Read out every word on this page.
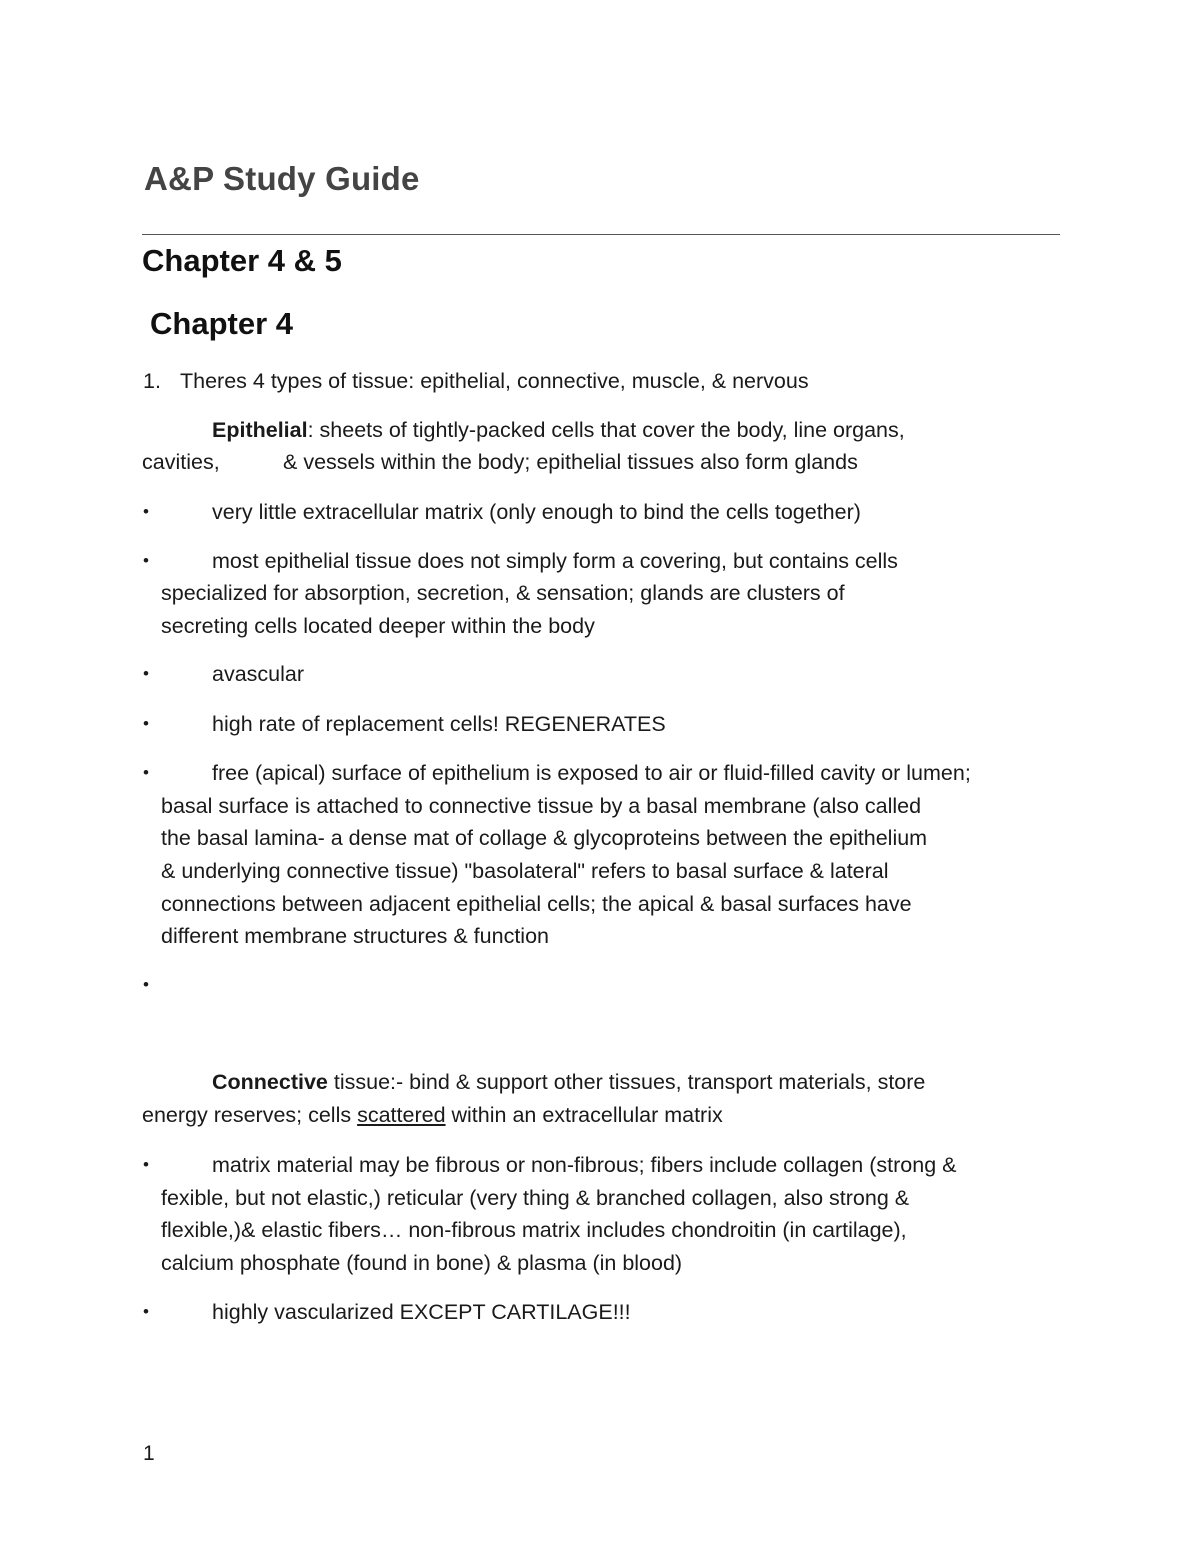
A&P Study Guide
Chapter 4 & 5
Chapter 4
1. Theres 4 types of tissue: epithelial, connective, muscle, & nervous
Epithelial: sheets of tightly-packed cells that cover the body, line organs,
cavities,	& vessels within the body; epithelial tissues also form glands
•	very little extracellular matrix (only enough to bind the cells together)
•	most epithelial tissue does not simply form a covering, but contains cells
specialized for absorption, secretion, & sensation; glands are clusters of
secreting cells located deeper within the body
•	avascular
•	high rate of replacement cells! REGENERATES
•	free (apical) surface of epithelium is exposed to air or fluid-filled cavity or lumen;
basal surface is attached to connective tissue by a basal membrane (also called
the basal lamina- a dense mat of collage & glycoproteins between the epithelium
& underlying connective tissue) "basolateral" refers to basal surface & lateral
connections between adjacent epithelial cells; the apical & basal surfaces have
different membrane structures & function
•
Connective tissue:- bind & support other tissues, transport materials, store
energy reserves; cells scattered within an extracellular matrix
•	matrix material may be fibrous or non-fibrous; fibers include collagen (strong &
fexible, but not elastic,) reticular (very thing & branched collagen, also strong &
flexible,)& elastic fibers… non-fibrous matrix includes chondroitin (in cartilage),
calcium phosphate (found in bone) & plasma (in blood)
•	highly vascularized EXCEPT CARTILAGE!!!
1
